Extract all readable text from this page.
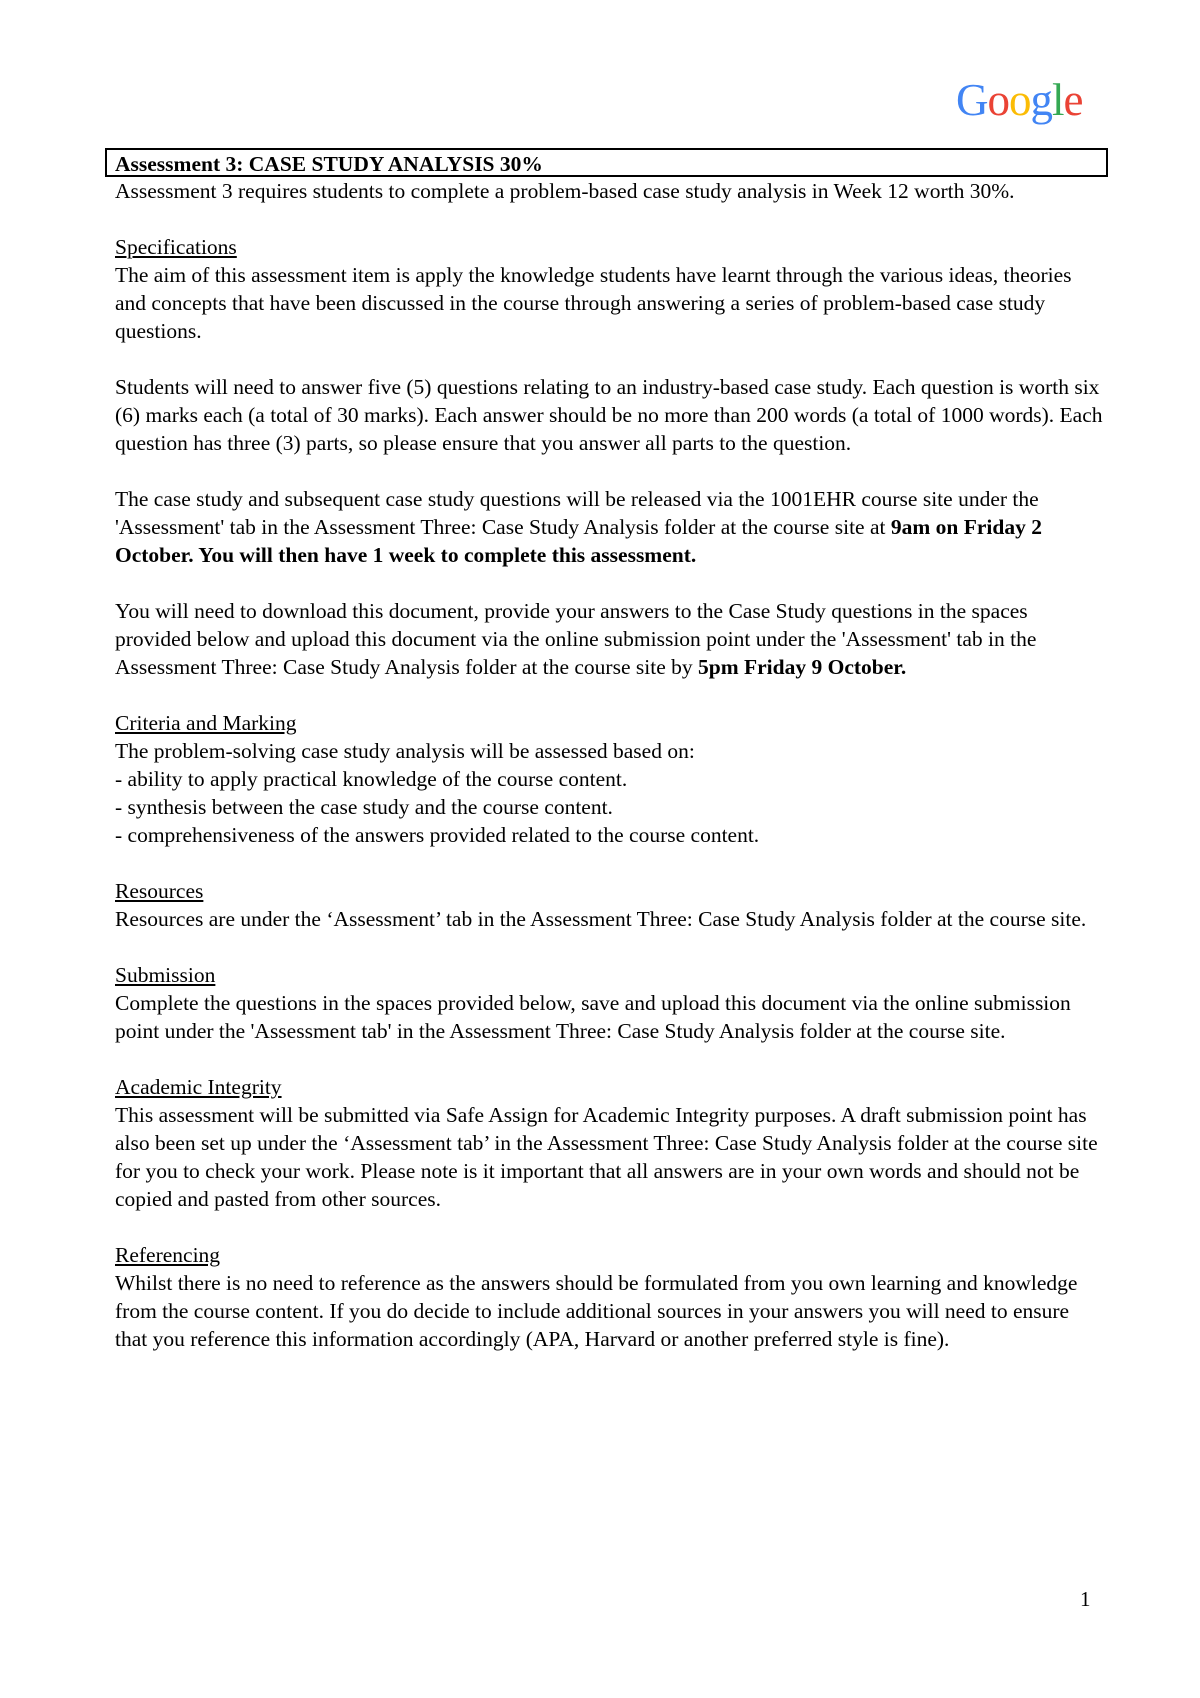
Google
Assessment 3: CASE STUDY ANALYSIS 30%

Assessment 3 requires students to complete a problem-based case study analysis in Week 12 worth 30%.

Specifications

The aim of this assessment item is apply the knowledge students have learnt through the various ideas, theories and concepts that have been discussed in the course through answering a series of problem-based case study questions.

Students will need to answer five (5) questions relating to an industry-based case study. Each question is worth six (6) marks each (a total of 30 marks). Each answer should be no more than 200 words (a total of 1000 words). Each question has three (3) parts, so please ensure that you answer all parts to the question.

The case study and subsequent case study questions will be released via the 1001EHR course site under the 'Assessment' tab in the Assessment Three: Case Study Analysis folder at the course site at 9am on Friday 2 October. You will then have 1 week to complete this assessment.

You will need to download this document, provide your answers to the Case Study questions in the spaces provided below and upload this document via the online submission point under the 'Assessment' tab in the Assessment Three: Case Study Analysis folder at the course site by 5pm Friday 9 October.

Criteria and Marking

The problem-solving case study analysis will be assessed based on:

- ability to apply practical knowledge of the course content.

- synthesis between the case study and the course content.

- comprehensiveness of the answers provided related to the course content.

Resources

Resources are under the ‘Assessment’ tab in the Assessment Three: Case Study Analysis folder at the course site.

Submission

Complete the questions in the spaces provided below, save and upload this document via the online submission point under the 'Assessment tab' in the Assessment Three: Case Study Analysis folder at the course site.

Academic Integrity

This assessment will be submitted via Safe Assign for Academic Integrity purposes. A draft submission point has also been set up under the ‘Assessment tab’ in the Assessment Three: Case Study Analysis folder at the course site for you to check your work. Please note is it important that all answers are in your own words and should not be copied and pasted from other sources.

Referencing

Whilst there is no need to reference as the answers should be formulated from you own learning and knowledge from the course content. If you do decide to include additional sources in your answers you will need to ensure that you reference this information accordingly (APA, Harvard or another preferred style is fine).

1
